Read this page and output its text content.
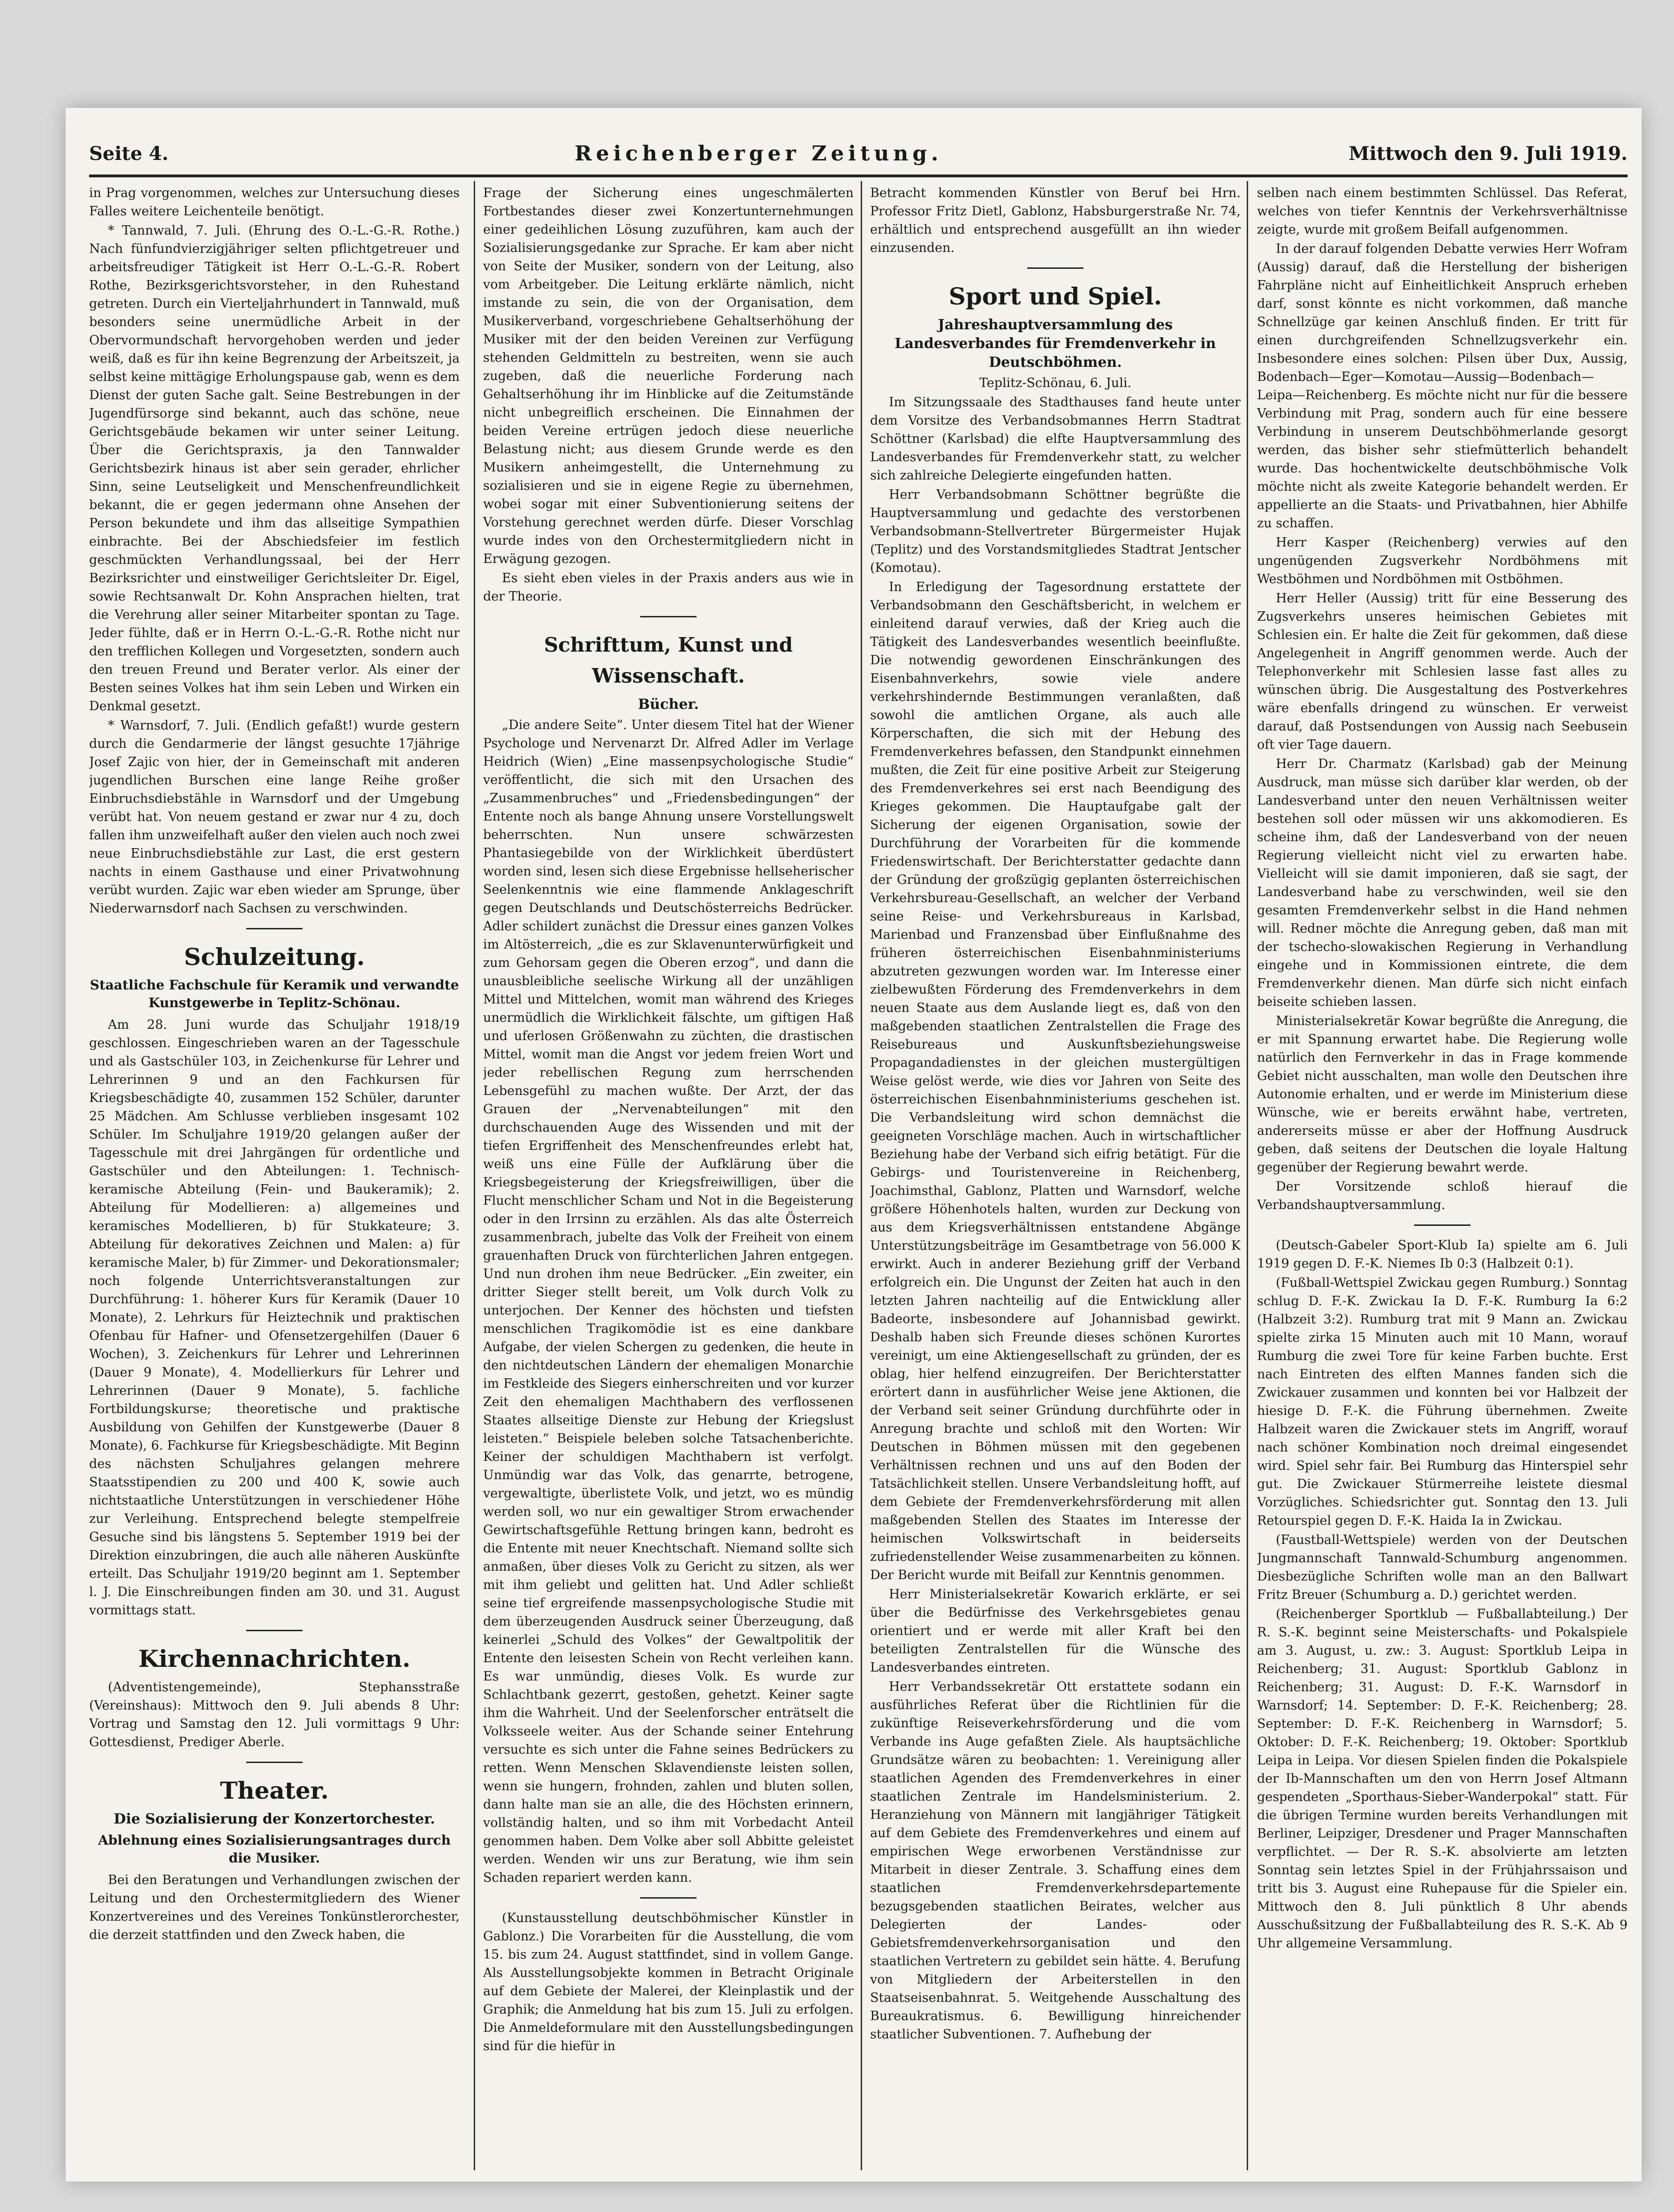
Seite 4.	Reichenberger Zeitung.	Mittwoch den 9. Juli 1919.

in Prag vorgenommen, welches zur Untersuchung dieses Falles weitere Leichenteile benötigt.

* Tannwald, 7. Juli. (Ehrung des O.-L.-G.-R. Rothe.) Nach fünfundvierzigjähriger selten pflichtgetreuer und arbeitsfreudiger Tätigkeit ist Herr O.-L.-G.-R. Robert Rothe, Bezirksgerichtsvorsteher, in den Ruhestand getreten. Durch ein Vierteljahrhundert in Tannwald, muß besonders seine unermüdliche Arbeit in der Obervormundschaft hervorgehoben werden und jeder weiß, daß es für ihn keine Begrenzung der Arbeitszeit, ja selbst keine mittägige Erholungspause gab, wenn es dem Dienst der guten Sache galt. Seine Bestrebungen in der Jugendfürsorge sind bekannt, auch das schöne, neue Gerichtsgebäude bekamen wir unter seiner Leitung. Über die Gerichtspraxis, ja den Tannwalder Gerichtsbezirk hinaus ist aber sein gerader, ehrlicher Sinn, seine Leutseligkeit und Menschenfreundlichkeit bekannt, die er gegen jedermann ohne Ansehen der Person bekundete und ihm das allseitige Sympathien einbrachte. Bei der Abschiedsfeier im festlich geschmückten Verhandlungssaal, bei der Herr Bezirksrichter und einstweiliger Gerichtsleiter Dr. Eigel, sowie Rechtsanwalt Dr. Kohn Ansprachen hielten, trat die Verehrung aller seiner Mitarbeiter spontan zu Tage. Jeder fühlte, daß er in Herrn O.-L.-G.-R. Rothe nicht nur den trefflichen Kollegen und Vorgesetzten, sondern auch den treuen Freund und Berater verlor. Als einer der Besten seines Volkes hat ihm sein Leben und Wirken ein Denkmal gesetzt.

* Warnsdorf, 7. Juli. (Endlich gefaßt!) wurde gestern durch die Gendarmerie der längst gesuchte 17jährige Josef Zajic von hier, der in Gemeinschaft mit anderen jugendlichen Burschen eine lange Reihe großer Einbruchsdiebstähle in Warnsdorf und der Umgebung verübt hat. Von neuem gestand er zwar nur 4 zu, doch fallen ihm unzweifelhaft außer den vielen auch noch zwei neue Einbruchsdiebstähle zur Last, die erst gestern nachts in einem Gasthause und einer Privatwohnung verübt wurden. Zajic war eben wieder am Sprunge, über Niederwarnsdorf nach Sachsen zu verschwinden.

Schulzeitung.
Staatliche Fachschule für Keramik und verwandte Kunstgewerbe in Teplitz-Schönau.

Am 28. Juni wurde das Schuljahr 1918/19 geschlossen. Eingeschrieben waren an der Tagesschule und als Gastschüler 103, in Zeichenkurse für Lehrer und Lehrerinnen 9 und an den Fachkursen für Kriegsbeschädigte 40, zusammen 152 Schüler, darunter 25 Mädchen. Am Schlusse verblieben insgesamt 102 Schüler. Im Schuljahre 1919/20 gelangen außer der Tagesschule mit drei Jahrgängen für ordentliche und Gastschüler und den Abteilungen: 1. Technisch-keramische Abteilung (Fein- und Baukeramik); 2. Abteilung für Modellieren: a) allgemeines und keramisches Modellieren, b) für Stukkateure; 3. Abteilung für dekoratives Zeichnen und Malen: a) für keramische Maler, b) für Zimmer- und Dekorationsmaler; noch folgende Unterrichtsveranstaltungen zur Durchführung: 1. höherer Kurs für Keramik (Dauer 10 Monate), 2. Lehrkurs für Heiztechnik und praktischen Ofenbau für Hafner- und Ofensetzergehilfen (Dauer 6 Wochen), 3. Zeichenkurs für Lehrer und Lehrerinnen (Dauer 9 Monate), 4. Modellierkurs für Lehrer und Lehrerinnen (Dauer 9 Monate), 5. fachliche Fortbildungskurse; theoretische und praktische Ausbildung von Gehilfen der Kunstgewerbe (Dauer 8 Monate), 6. Fachkurse für Kriegsbeschädigte. Mit Beginn des nächsten Schuljahres gelangen mehrere Staatsstipendien zu 200 und 400 K, sowie auch nichtstaatliche Unterstützungen in verschiedener Höhe zur Verleihung. Entsprechend belegte stempelfreie Gesuche sind bis längstens 5. September 1919 bei der Direktion einzubringen, die auch alle näheren Auskünfte erteilt. Das Schuljahr 1919/20 beginnt am 1. September l. J. Die Einschreibungen finden am 30. und 31. August vormittags statt.

Kirchennachrichten.

(Adventistengemeinde), Stephansstraße (Vereinshaus): Mittwoch den 9. Juli abends 8 Uhr: Vortrag und Samstag den 12. Juli vormittags 9 Uhr: Gottesdienst, Prediger Aberle.

Theater.
Die Sozialisierung der Konzertorchester.
Ablehnung eines Sozialisierungsantrages durch die Musiker.

Bei den Beratungen und Verhandlungen zwischen der Leitung und den Orchestermitgliedern des Wiener Konzertvereines und des Vereines Tonkünstlerorchester, die derzeit stattfinden und den Zweck haben, die

Frage der Sicherung eines ungeschmälerten Fortbestandes dieser zwei Konzertunternehmungen einer gedeihlichen Lösung zuzuführen, kam auch der Sozialisierungsgedanke zur Sprache. Er kam aber nicht von Seite der Musiker, sondern von der Leitung, also vom Arbeitgeber. Die Leitung erklärte nämlich, nicht imstande zu sein, die von der Organisation, dem Musikerverband, vorgeschriebene Gehaltserhöhung der Musiker mit der den beiden Vereinen zur Verfügung stehenden Geldmitteln zu bestreiten, wenn sie auch zugeben, daß die neuerliche Forderung nach Gehaltserhöhung ihr im Hinblicke auf die Zeitumstände nicht unbegreiflich erscheinen. Die Einnahmen der beiden Vereine ertrügen jedoch diese neuerliche Belastung nicht; aus diesem Grunde werde es den Musikern anheimgestellt, die Unternehmung zu sozialisieren und sie in eigene Regie zu übernehmen, wobei sogar mit einer Subventionierung seitens der Vorstehung gerechnet werden dürfe. Dieser Vorschlag wurde indes von den Orchestermitgliedern nicht in Erwägung gezogen.

Es sieht eben vieles in der Praxis anders aus wie in der Theorie.

Schrifttum, Kunst und Wissenschaft.
Bücher.

„Die andere Seite“. Unter diesem Titel hat der Wiener Psychologe und Nervenarzt Dr. Alfred Adler im Verlage Heidrich (Wien) „Eine massenpsychologische Studie“ veröffentlicht, die sich mit den Ursachen des „Zusammenbruches“ und „Friedensbedingungen“ der Entente noch als bange Ahnung unsere Vorstellungswelt beherrschten. Nun unsere schwärzesten Phantasiegebilde von der Wirklichkeit überdüstert worden sind, lesen sich diese Ergebnisse hellseherischer Seelenkenntnis wie eine flammende Anklageschrift gegen Deutschlands und Deutschösterreichs Bedrücker. Adler schildert zunächst die Dressur eines ganzen Volkes im Altösterreich, „die es zur Sklavenunterwürfigkeit und zum Gehorsam gegen die Oberen erzog“, und dann die unausbleibliche seelische Wirkung all der unzähligen Mittel und Mittelchen, womit man während des Krieges unermüdlich die Wirklichkeit fälschte, um giftigen Haß und uferlosen Größenwahn zu züchten, die drastischen Mittel, womit man die Angst vor jedem freien Wort und jeder rebellischen Regung zum herrschenden Lebensgefühl zu machen wußte. Der Arzt, der das Grauen der „Nervenabteilungen“ mit den durchschauenden Auge des Wissenden und mit der tiefen Ergriffenheit des Menschenfreundes erlebt hat, weiß uns eine Fülle der Aufklärung über die Kriegsbegeisterung der Kriegsfreiwilligen, über die Flucht menschlicher Scham und Not in die Begeisterung oder in den Irrsinn zu erzählen. Als das alte Österreich zusammenbrach, jubelte das Volk der Freiheit von einem grauenhaften Druck von fürchterlichen Jahren entgegen. Und nun drohen ihm neue Bedrücker. „Ein zweiter, ein dritter Sieger stellt bereit, um Volk durch Volk zu unterjochen. Der Kenner des höchsten und tiefsten menschlichen Tragikomödie ist es eine dankbare Aufgabe, der vielen Schergen zu gedenken, die heute in den nichtdeutschen Ländern der ehemaligen Monarchie im Festkleide des Siegers einherschreiten und vor kurzer Zeit den ehemaligen Machthabern des verflossenen Staates allseitige Dienste zur Hebung der Kriegslust leisteten.“ Beispiele beleben solche Tatsachenberichte. Keiner der schuldigen Machthabern ist verfolgt. Unmündig war das Volk, das genarrte, betrogene, vergewaltigte, überlistete Volk, und jetzt, wo es mündig werden soll, wo nur ein gewaltiger Strom erwachender Gewirtschaftsgefühle Rettung bringen kann, bedroht es die Entente mit neuer Knechtschaft. Niemand sollte sich anmaßen, über dieses Volk zu Gericht zu sitzen, als wer mit ihm geliebt und gelitten hat. Und Adler schließt seine tief ergreifende massenpsychologische Studie mit dem überzeugenden Ausdruck seiner Überzeugung, daß keinerlei „Schuld des Volkes“ der Gewaltpolitik der Entente den leisesten Schein von Recht verleihen kann. Es war unmündig, dieses Volk. Es wurde zur Schlachtbank gezerrt, gestoßen, gehetzt. Keiner sagte ihm die Wahrheit. Und der Seelenforscher enträtselt die Volksseele weiter. Aus der Schande seiner Entehrung versuchte es sich unter die Fahne seines Bedrückers zu retten. Wenn Menschen Sklavendienste leisten sollen, wenn sie hungern, frohnden, zahlen und bluten sollen, dann halte man sie an alle, die des Höchsten erinnern, vollständig halten, und so ihm mit Vorbedacht Anteil genommen haben. Dem Volke aber soll Abbitte geleistet werden. Wenden wir uns zur Beratung, wie ihm sein Schaden repariert werden kann.

(Kunstausstellung deutschböhmischer Künstler in Gablonz.) Die Vorarbeiten für die Ausstellung, die vom 15. bis zum 24. August stattfindet, sind in vollem Gange. Als Ausstellungsobjekte kommen in Betracht Originale auf dem Gebiete der Malerei, der Kleinplastik und der Graphik; die Anmeldung hat bis zum 15. Juli zu erfolgen. Die Anmeldeformulare mit den Ausstellungsbedingungen sind für die hiefür in

Betracht kommenden Künstler von Beruf bei Hrn. Professor Fritz Dietl, Gablonz, Habsburgerstraße Nr. 74, erhältlich und entsprechend ausgefüllt an ihn wieder einzusenden.

Sport und Spiel.
Jahreshauptversammlung des Landesverbandes für Fremdenverkehr in Deutschböhmen.

Teplitz-Schönau, 6. Juli.

Im Sitzungssaale des Stadthauses fand heute unter dem Vorsitze des Verbandsobmannes Herrn Stadtrat Schöttner (Karlsbad) die elfte Hauptversammlung des Landesverbandes für Fremdenverkehr statt, zu welcher sich zahlreiche Delegierte eingefunden hatten.

Herr Verbandsobmann Schöttner begrüßte die Hauptversammlung und gedachte des verstorbenen Verbandsobmann-Stellvertreter Bürgermeister Hujak (Teplitz) und des Vorstandsmitgliedes Stadtrat Jentscher (Komotau).

In Erledigung der Tagesordnung erstattete der Verbandsobmann den Geschäftsbericht, in welchem er einleitend darauf verwies, daß der Krieg auch die Tätigkeit des Landesverbandes wesentlich beeinflußte. Die notwendig gewordenen Einschränkungen des Eisenbahnverkehrs, sowie viele andere verkehrshindernde Bestimmungen veranlaßten, daß sowohl die amtlichen Organe, als auch alle Körperschaften, die sich mit der Hebung des Fremdenverkehres befassen, den Standpunkt einnehmen mußten, die Zeit für eine positive Arbeit zur Steigerung des Fremdenverkehres sei erst nach Beendigung des Krieges gekommen. Die Hauptaufgabe galt der Sicherung der eigenen Organisation, sowie der Durchführung der Vorarbeiten für die kommende Friedenswirtschaft. Der Berichterstatter gedachte dann der Gründung der großzügig geplanten österreichischen Verkehrsbureau-Gesellschaft, an welcher der Verband seine Reise- und Verkehrsbureaus in Karlsbad, Marienbad und Franzensbad über Einflußnahme des früheren österreichischen Eisenbahnministeriums abzutreten gezwungen worden war. Im Interesse einer zielbewußten Förderung des Fremdenverkehrs in dem neuen Staate aus dem Auslande liegt es, daß von den maßgebenden staatlichen Zentralstellen die Frage des Reisebureaus und Auskunftsbeziehungsweise Propagandadienstes in der gleichen mustergültigen Weise gelöst werde, wie dies vor Jahren von Seite des österreichischen Eisenbahnministeriums geschehen ist. Die Verbandsleitung wird schon demnächst die geeigneten Vorschläge machen. Auch in wirtschaftlicher Beziehung habe der Verband sich eifrig betätigt. Für die Gebirgs- und Touristenvereine in Reichenberg, Joachimsthal, Gablonz, Platten und Warnsdorf, welche größere Höhenhotels halten, wurden zur Deckung von aus dem Kriegsverhältnissen entstandene Abgänge Unterstützungsbeiträge im Gesamtbetrage von 56.000 K erwirkt. Auch in anderer Beziehung griff der Verband erfolgreich ein. Die Ungunst der Zeiten hat auch in den letzten Jahren nachteilig auf die Entwicklung aller Badeorte, insbesondere auf Johannisbad gewirkt. Deshalb haben sich Freunde dieses schönen Kurortes vereinigt, um eine Aktiengesellschaft zu gründen, der es oblag, hier helfend einzugreifen. Der Berichterstatter erörtert dann in ausführlicher Weise jene Aktionen, die der Verband seit seiner Gründung durchführte oder in Anregung brachte und schloß mit den Worten: Wir Deutschen in Böhmen müssen mit den gegebenen Verhältnissen rechnen und uns auf den Boden der Tatsächlichkeit stellen. Unsere Verbandsleitung hofft, auf dem Gebiete der Fremdenverkehrsförderung mit allen maßgebenden Stellen des Staates im Interesse der heimischen Volkswirtschaft in beiderseits zufriedenstellender Weise zusammenarbeiten zu können. Der Bericht wurde mit Beifall zur Kenntnis genommen.

Herr Ministerialsekretär Kowarich erklärte, er sei über die Bedürfnisse des Verkehrsgebietes genau orientiert und er werde mit aller Kraft bei den beteiligten Zentralstellen für die Wünsche des Landesverbandes eintreten.

Herr Verbandssekretär Ott erstattete sodann ein ausführliches Referat über die Richtlinien für die zukünftige Reiseverkehrsförderung und die vom Verbande ins Auge gefaßten Ziele. Als hauptsächliche Grundsätze wären zu beobachten: 1. Vereinigung aller staatlichen Agenden des Fremdenverkehres in einer staatlichen Zentrale im Handelsministerium. 2. Heranziehung von Männern mit langjähriger Tätigkeit auf dem Gebiete des Fremdenverkehres und einem auf empirischen Wege erworbenen Verständnisse zur Mitarbeit in dieser Zentrale. 3. Schaffung eines dem staatlichen Fremdenverkehrsdepartemente bezugsgebenden staatlichen Beirates, welcher aus Delegierten der Landes- oder Gebietsfremdenverkehrsorganisation und den staatlichen Vertretern zu gebildet sein hätte. 4. Berufung von Mitgliedern der Arbeiterstellen in den Staatseisenbahnrat. 5. Weitgehende Ausschaltung des Bureaukratismus. 6. Bewilligung hinreichender staatlicher Subventionen. 7. Aufhebung der

selben nach einem bestimmten Schlüssel. Das Referat, welches von tiefer Kenntnis der Verkehrsverhältnisse zeigte, wurde mit großem Beifall aufgenommen.

In der darauf folgenden Debatte verwies Herr Wofram (Aussig) darauf, daß die Herstellung der bisherigen Fahrpläne nicht auf Einheitlichkeit Anspruch erheben darf, sonst könnte es nicht vorkommen, daß manche Schnellzüge gar keinen Anschluß finden. Er tritt für einen durchgreifenden Schnellzugsverkehr ein. Insbesondere eines solchen: Pilsen über Dux, Aussig, Bodenbach—Eger—Komotau—Aussig—Bodenbach—Leipa—Reichenberg. Es möchte nicht nur für die bessere Verbindung mit Prag, sondern auch für eine bessere Verbindung in unserem Deutschböhmerlande gesorgt werden, das bisher sehr stiefmütterlich behandelt wurde. Das hochentwickelte deutschböhmische Volk möchte nicht als zweite Kategorie behandelt werden. Er appellierte an die Staats- und Privatbahnen, hier Abhilfe zu schaffen.

Herr Kasper (Reichenberg) verwies auf den ungenügenden Zugsverkehr Nordböhmens mit Westböhmen und Nordböhmen mit Ostböhmen.

Herr Heller (Aussig) tritt für eine Besserung des Zugsverkehrs unseres heimischen Gebietes mit Schlesien ein. Er halte die Zeit für gekommen, daß diese Angelegenheit in Angriff genommen werde. Auch der Telephonverkehr mit Schlesien lasse fast alles zu wünschen übrig. Die Ausgestaltung des Postverkehres wäre ebenfalls dringend zu wünschen. Er verweist darauf, daß Postsendungen von Aussig nach Seebusein oft vier Tage dauern.

Herr Dr. Charmatz (Karlsbad) gab der Meinung Ausdruck, man müsse sich darüber klar werden, ob der Landesverband unter den neuen Verhältnissen weiter bestehen soll oder müssen wir uns akkomodieren. Es scheine ihm, daß der Landesverband von der neuen Regierung vielleicht nicht viel zu erwarten habe. Vielleicht will sie damit imponieren, daß sie sagt, der Landesverband habe zu verschwinden, weil sie den gesamten Fremdenverkehr selbst in die Hand nehmen will. Redner möchte die Anregung geben, daß man mit der tschecho-slowakischen Regierung in Verhandlung eingehe und in Kommissionen eintrete, die dem Fremdenverkehr dienen. Man dürfe sich nicht einfach beiseite schieben lassen.

Ministerialsekretär Kowar begrüßte die Anregung, die er mit Spannung erwartet habe. Die Regierung wolle natürlich den Fernverkehr in das in Frage kommende Gebiet nicht ausschalten, man wolle den Deutschen ihre Autonomie erhalten, und er werde im Ministerium diese Wünsche, wie er bereits erwähnt habe, vertreten, andererseits müsse er aber der Hoffnung Ausdruck geben, daß seitens der Deutschen die loyale Haltung gegenüber der Regierung bewahrt werde.

Der Vorsitzende schloß hierauf die Verbandshauptversammlung.

(Deutsch-Gabeler Sport-Klub Ia) spielte am 6. Juli 1919 gegen D. F.-K. Niemes Ib 0:3 (Halbzeit 0:1).

(Fußball-Wettspiel Zwickau gegen Rumburg.) Sonntag schlug D. F.-K. Zwickau Ia D. F.-K. Rumburg Ia 6:2 (Halbzeit 3:2). Rumburg trat mit 9 Mann an. Zwickau spielte zirka 15 Minuten auch mit 10 Mann, worauf Rumburg die zwei Tore für keine Farben buchte. Erst nach Eintreten des elften Mannes fanden sich die Zwickauer zusammen und konnten bei vor Halbzeit der hiesige D. F.-K. die Führung übernehmen. Zweite Halbzeit waren die Zwickauer stets im Angriff, worauf nach schöner Kombination noch dreimal eingesendet wird. Spiel sehr fair. Bei Rumburg das Hinterspiel sehr gut. Die Zwickauer Stürmerreihe leistete diesmal Vorzügliches. Schiedsrichter gut. Sonntag den 13. Juli Retourspiel gegen D. F.-K. Haida Ia in Zwickau.

(Faustball-Wettspiele) werden von der Deutschen Jungmannschaft Tannwald-Schumburg angenommen. Diesbezügliche Schriften wolle man an den Ballwart Fritz Breuer (Schumburg a. D.) gerichtet werden.

(Reichenberger Sportklub — Fußballabteilung.) Der R. S.-K. beginnt seine Meisterschafts- und Pokalspiele am 3. August, u. zw.: 3. August: Sportklub Leipa in Reichenberg; 31. August: Sportklub Gablonz in Reichenberg; 31. August: D. F.-K. Warnsdorf in Warnsdorf; 14. September: D. F.-K. Reichenberg; 28. September: D. F.-K. Reichenberg in Warnsdorf; 5. Oktober: D. F.-K. Reichenberg; 19. Oktober: Sportklub Leipa in Leipa. Vor diesen Spielen finden die Pokalspiele der Ib-Mannschaften um den von Herrn Josef Altmann gespendeten „Sporthaus-Sieber-Wanderpokal“ statt. Für die übrigen Termine wurden bereits Verhandlungen mit Berliner, Leipziger, Dresdener und Prager Mannschaften verpflichtet. — Der R. S.-K. absolvierte am letzten Sonntag sein letztes Spiel in der Frühjahrssaison und tritt bis 3. August eine Ruhepause für die Spieler ein. Mittwoch den 8. Juli pünktlich 8 Uhr abends Ausschußsitzung der Fußballabteilung des R. S.-K. Ab 9 Uhr allgemeine Versammlung.
